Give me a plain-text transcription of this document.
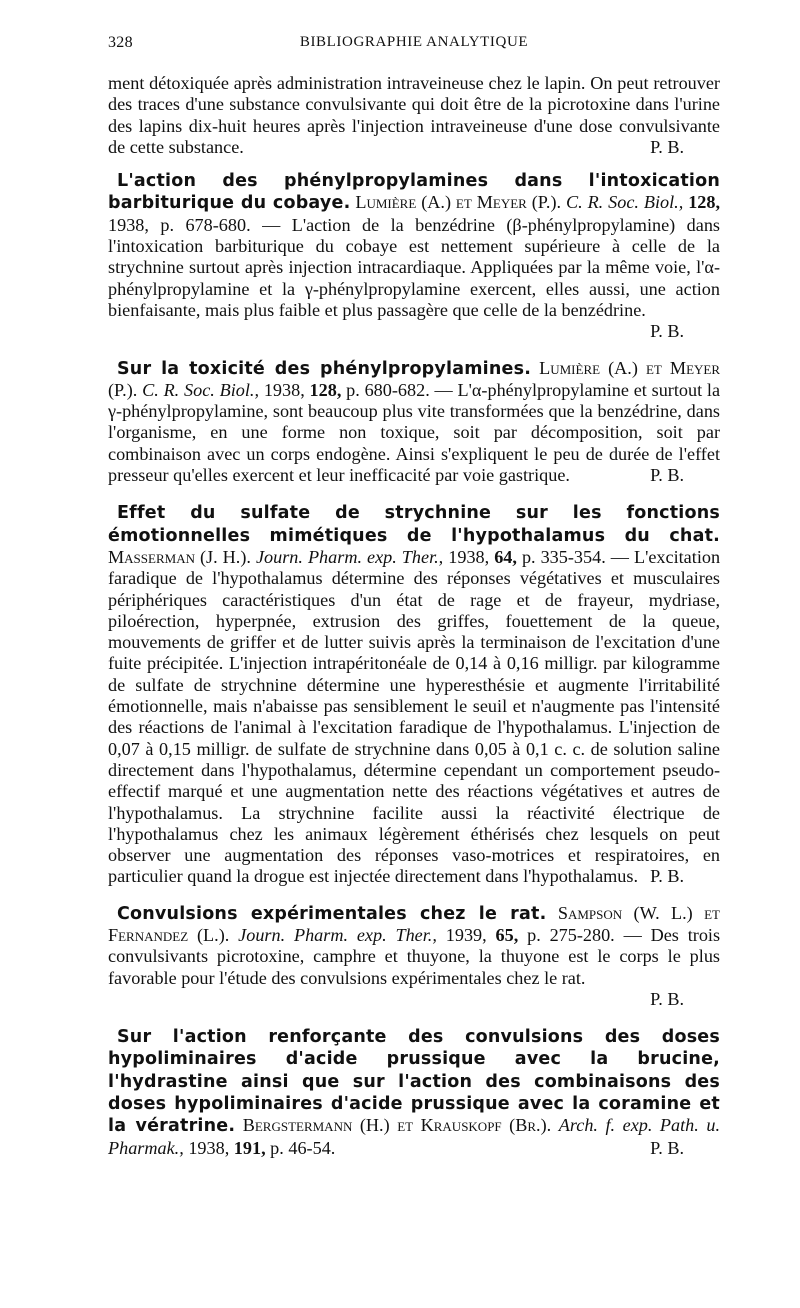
328	BIBLIOGRAPHIE ANALYTIQUE

ment détoxiquée après administration intraveineuse chez le lapin. On peut retrouver des traces d'une substance convulsivante qui doit être de la picrotoxine dans l'urine des lapins dix-huit heures après l'injection intraveineuse d'une dose convulsivante de cette substance.	P. B.

L'action des phénylpropylamines dans l'intoxication barbiturique du cobaye. Lumière (A.) et Meyer (P.). C. R. Soc. Biol., 128, 1938, p. 678-680. — L'action de la benzédrine (β-phénylpropylamine) dans l'intoxication barbiturique du cobaye est nettement supérieure à celle de la strychnine surtout après injection intracardiaque. Appliquées par la même voie, l'α-phénylpropylamine et la γ-phénylpropylamine exercent, elles aussi, une action bienfaisante, mais plus faible et plus passagère que celle de la benzédrine.
P. B.

Sur la toxicité des phénylpropylamines. Lumière (A.) et Meyer (P.). C. R. Soc. Biol., 1938, 128, p. 680-682. — L'α-phénylpropylamine et surtout la γ-phénylpropylamine, sont beaucoup plus vite transformées que la benzédrine, dans l'organisme, en une forme non toxique, soit par décomposition, soit par combinaison avec un corps endogène. Ainsi s'expliquent le peu de durée de l'effet presseur qu'elles exercent et leur inefficacité par voie gastrique.	P. B.

Effet du sulfate de strychnine sur les fonctions émotionnelles mimétiques de l'hypothalamus du chat. Masserman (J. H.). Journ. Pharm. exp. Ther., 1938, 64, p. 335-354. — L'excitation faradique de l'hypothalamus détermine des réponses végétatives et musculaires périphériques caractéristiques d'un état de rage et de frayeur, mydriase, piloérection, hyperpnée, extrusion des griffes, fouettement de la queue, mouvements de griffer et de lutter suivis après la terminaison de l'excitation d'une fuite précipitée. L'injection intrapéritonéale de 0,14 à 0,16 milligr. par kilogramme de sulfate de strychnine détermine une hyperesthésie et augmente l'irritabilité émotionnelle, mais n'abaisse pas sensiblement le seuil et n'augmente pas l'intensité des réactions de l'animal à l'excitation faradique de l'hypothalamus. L'injection de 0,07 à 0,15 milligr. de sulfate de strychnine dans 0,05 à 0,1 c. c. de solution saline directement dans l'hypothalamus, détermine cependant un comportement pseudo-effectif marqué et une augmentation nette des réactions végétatives et autres de l'hypothalamus. La strychnine facilite aussi la réactivité électrique de l'hypothalamus chez les animaux légèrement éthérisés chez lesquels on peut observer une augmentation des réponses vaso-motrices et respiratoires, en particulier quand la drogue est injectée directement dans l'hypothalamus. P. B.

Convulsions expérimentales chez le rat. Sampson (W. L.) et Fernandez (L.). Journ. Pharm. exp. Ther., 1939, 65, p. 275-280. — Des trois convulsivants picrotoxine, camphre et thuyone, la thuyone est le corps le plus favorable pour l'étude des convulsions expérimentales chez le rat.
P. B.

Sur l'action renforçante des convulsions des doses hypoliminaires d'acide prussique avec la brucine, l'hydrastine ainsi que sur l'action des combinaisons des doses hypoliminaires d'acide prussique avec la coramine et la vératrine. Bergstermann (H.) et Krauskopf (Br.). Arch. f. exp. Path. u. Pharmak., 1938, 191, p. 46-54.	P. B.
